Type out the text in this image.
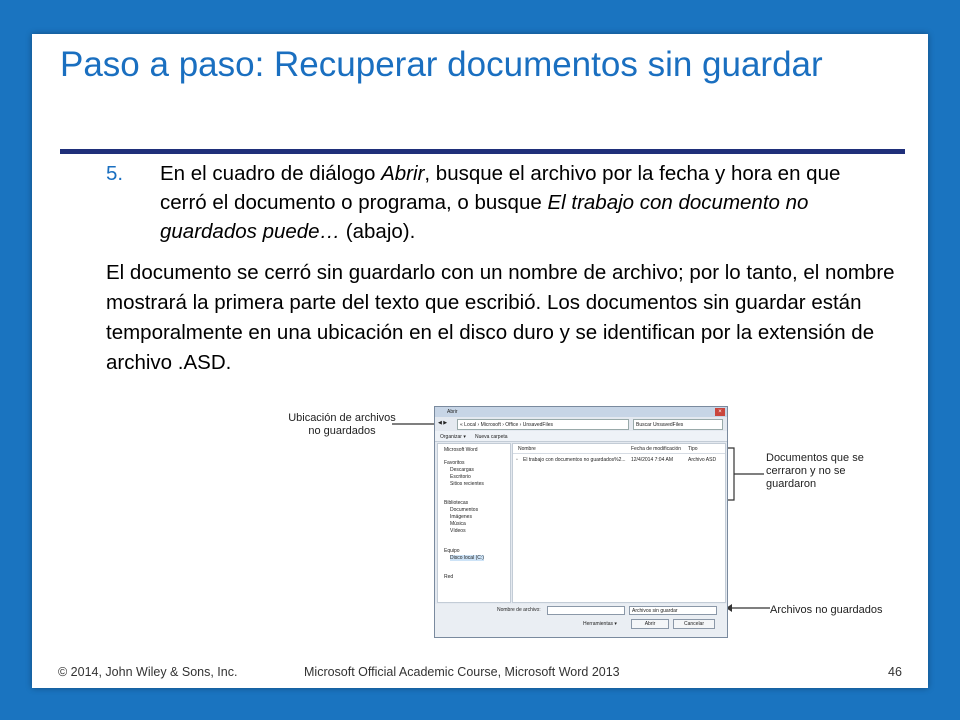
Paso a paso: Recuperar documentos sin guardar
5. En el cuadro de diálogo Abrir, busque el archivo por la fecha y hora en que cerró el documento o programa, o busque El trabajo con documento no guardados puede… (abajo).
El documento se cerró sin guardarlo con un nombre de archivo; por lo tanto, el nombre mostrará la primera parte del texto que escribió. Los documentos sin guardar están temporalmente en una ubicación en el disco duro y se identifican por la extensión de archivo .ASD.
Ubicación de archivos no guardados
Documentos que se cerraron y no se guardaron
Archivos no guardados
Abrir	×
◀ ▶	« Local › Microsoft › Office › UnsavedFiles	Buscar UnsavedFiles
Organizar ▾ Nueva carpeta
Microsoft Word
Favoritos
Descargas
Escritorio
Sitios recientes
Bibliotecas
Documentos
Imágenes
Música
Vídeos
Equipo
Disco local (C:)
Red
Nombre	Fecha de modificación Tipo
▫ El trabajo con documentos no guardados%2... 12/4/2014 7:04 AM	Archivo ASD
Nombre de archivo:	Archivos sin guardar
Herramientas ▾	Abrir	Cancelar
© 2014, John Wiley & Sons, Inc.	Microsoft Official Academic Course, Microsoft Word 2013	46
